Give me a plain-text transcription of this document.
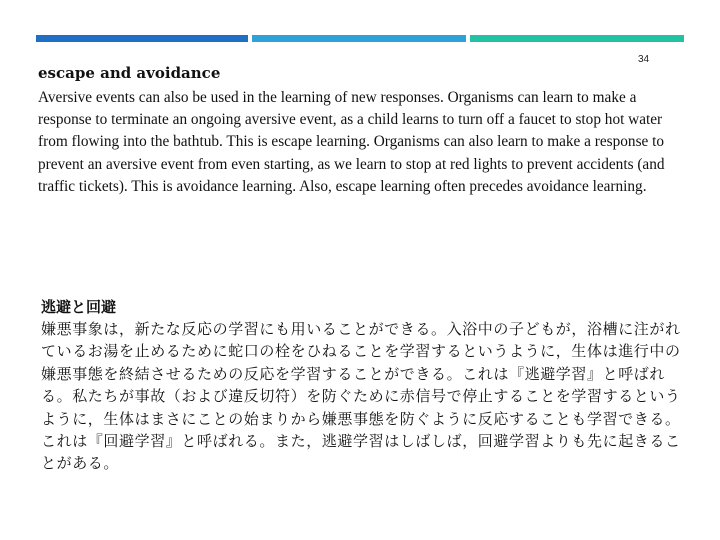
34
escape and avoidance

Aversive events can also be used in the learning of new responses. Organisms can learn to make a response to terminate an ongoing aversive event, as a child learns to turn off a faucet to stop hot water from flowing into the bathtub. This is escape learning. Organisms can also learn to make a response to prevent an aversive event from even starting, as we learn to stop at red lights to prevent accidents (and traffic tickets). This is avoidance learning. Also, escape learning often precedes avoidance learning.

逃避と回避

嫌悪事象は，新たな反応の学習にも用いることができる。入浴中の子どもが，浴槽に注がれているお湯を止めるために蛇口の栓をひねることを学習するというように，生体は進行中の嫌悪事態を終結させるための反応を学習することができる。これは『逃避学習』と呼ばれる。私たちが事故（および違反切符）を防ぐために赤信号で停止することを学習するというように，生体はまさにことの始まりから嫌悪事態を防ぐように反応することも学習できる。これは『回避学習』と呼ばれる。また，逃避学習はしばしば，回避学習よりも先に起きることがある。
